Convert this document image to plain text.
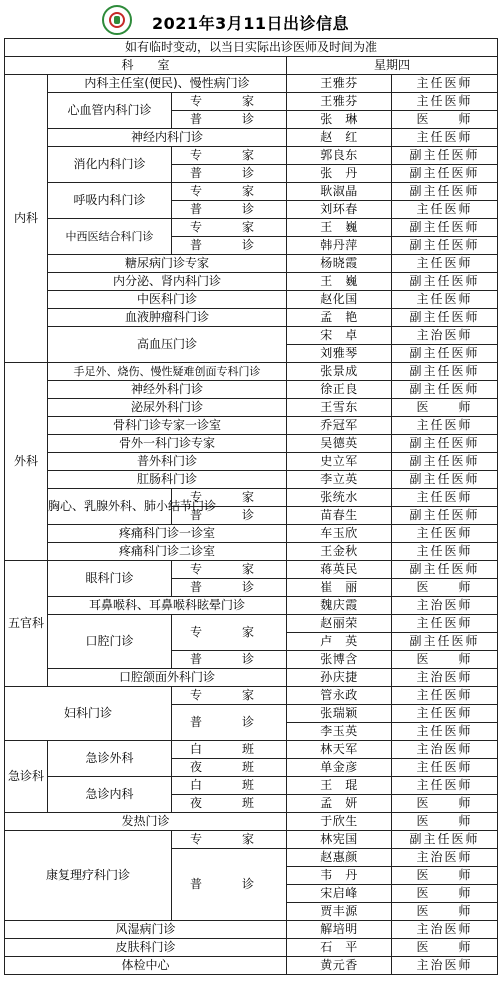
2021年3月11日出诊信息
如有临时变动，以当日实际出诊医师及时间为准				
科　　室			星期四	
内科	内科主任室(便民)、慢性病门诊		王雅芬	主任医师
	心血管内科门诊	专　家	王雅芬	主任医师
		普　诊	张　琳	医　　师
	神经内科门诊		赵　红	主任医师
	消化内科门诊	专　家	郭良东	副主任医师
		普　诊	张　丹	副主任医师
	呼吸内科门诊	专　家	耿淑晶	副主任医师
		普　诊	刘环春	主任医师
	中西医结合科门诊	专　家	王　巍	副主任医师
		普　诊	韩丹萍	副主任医师
	糖尿病门诊专家		杨晓霞	主任医师
	内分泌、肾内科门诊		王　巍	副主任医师
	中医科门诊		赵化国	主任医师
	血液肿瘤科门诊		孟　艳	副主任医师
	高血压门诊		宋　卓	主治医师
			刘雅琴	副主任医师
外科	手足外、烧伤、慢性疑难创面专科门诊		张景成	副主任医师
	神经外科门诊		徐正良	副主任医师
	泌尿外科门诊		王雪东	医　　师
	骨科门诊专家一诊室		乔冠军	主任医师
	骨外一科门诊专家		吴德英	副主任医师
	普外科门诊		史立军	副主任医师
	肛肠科门诊		李立英	副主任医师
	胸心、乳腺外科、肺小结节门诊	专　家	张统水	主任医师
		普　诊	苗春生	副主任医师
	疼痛科门诊一诊室		车玉欣	主任医师
	疼痛科门诊二诊室		王金秋	主任医师
五官科	眼科门诊	专　家	蒋英民	副主任医师
		普　诊	崔　丽	医　　师
	耳鼻喉科、耳鼻喉科眩晕门诊		魏庆霞	主治医师
	口腔门诊	专　家	赵丽荣	主任医师
			卢　英	副主任医师
		普　诊	张博含	医　　师
	口腔颌面外科门诊		孙庆捷	主治医师
妇科门诊		专　家	管永政	主任医师
		普　诊	张瑞颖	主任医师
			李玉英	主任医师
急诊科	急诊外科	白　班	林天军	主治医师
		夜　班	单金彦	主任医师
	急诊内科	白　班	王　琨	主任医师
		夜　班	孟　妍	医　　师
发热门诊			于欣生	医　　师
康复理疗科门诊		专　家	林宪国	副主任医师
		普　诊	赵惠颜	主治医师
			韦　丹	医　　师
			宋启峰	医　　师
			贾丰源	医　　师
风湿病门诊			解培明	主治医师
皮肤科门诊			石　平	医　　师
体检中心			黄元香	主治医师
